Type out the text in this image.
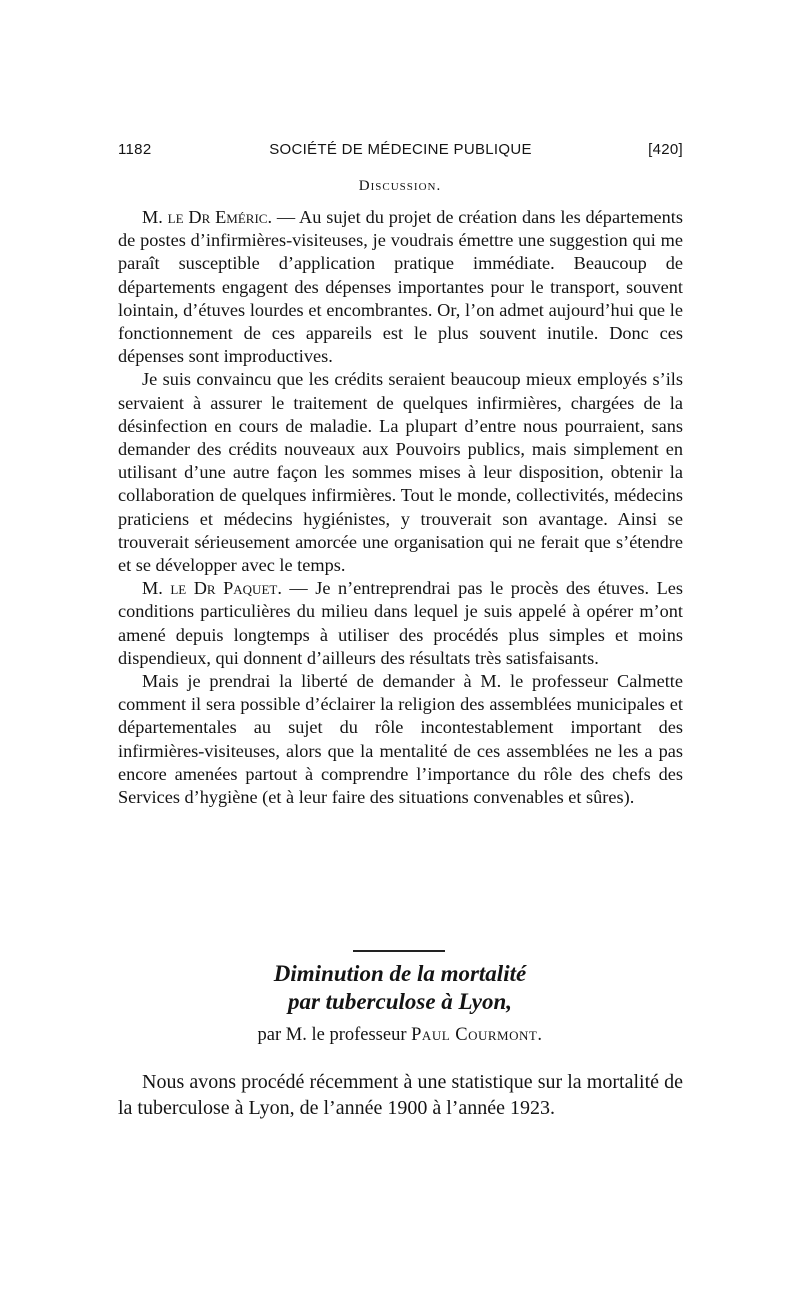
1182	SOCIÉTÉ DE MÉDECINE PUBLIQUE	[420]
Discussion.

M. le Dr Eméric. — Au sujet du projet de création dans les départements de postes d’infirmières-visiteuses, je voudrais émettre une suggestion qui me paraît susceptible d’application pratique immédiate. Beaucoup de départements engagent des dépenses importantes pour le transport, souvent lointain, d’étuves lourdes et encombrantes. Or, l’on admet aujourd’hui que le fonctionnement de ces appareils est le plus souvent inutile. Donc ces dépenses sont improductives.

Je suis convaincu que les crédits seraient beaucoup mieux employés s’ils servaient à assurer le traitement de quelques infirmières, chargées de la désinfection en cours de maladie. La plupart d’entre nous pourraient, sans demander des crédits nouveaux aux Pouvoirs publics, mais simplement en utilisant d’une autre façon les sommes mises à leur disposition, obtenir la collaboration de quelques infirmières. Tout le monde, collectivités, médecins praticiens et médecins hygiénistes, y trouverait son avantage. Ainsi se trouverait sérieusement amorcée une organisation qui ne ferait que s’étendre et se développer avec le temps.

M. le Dr Paquet. — Je n’entreprendrai pas le procès des étuves. Les conditions particulières du milieu dans lequel je suis appelé à opérer m’ont amené depuis longtemps à utiliser des procédés plus simples et moins dispendieux, qui donnent d’ailleurs des résultats très satisfaisants.

Mais je prendrai la liberté de demander à M. le professeur Calmette comment il sera possible d’éclairer la religion des assemblées municipales et départementales au sujet du rôle incontestablement important des infirmières-visiteuses, alors que la mentalité de ces assemblées ne les a pas encore amenées partout à comprendre l’importance du rôle des chefs des Services d’hygiène (et à leur faire des situations convenables et sûres).

Diminution de la mortalité
par tuberculose à Lyon,
par M. le professeur Paul Courmont.

Nous avons procédé récemment à une statistique sur la mortalité de la tuberculose à Lyon, de l’année 1900 à l’année 1923.
